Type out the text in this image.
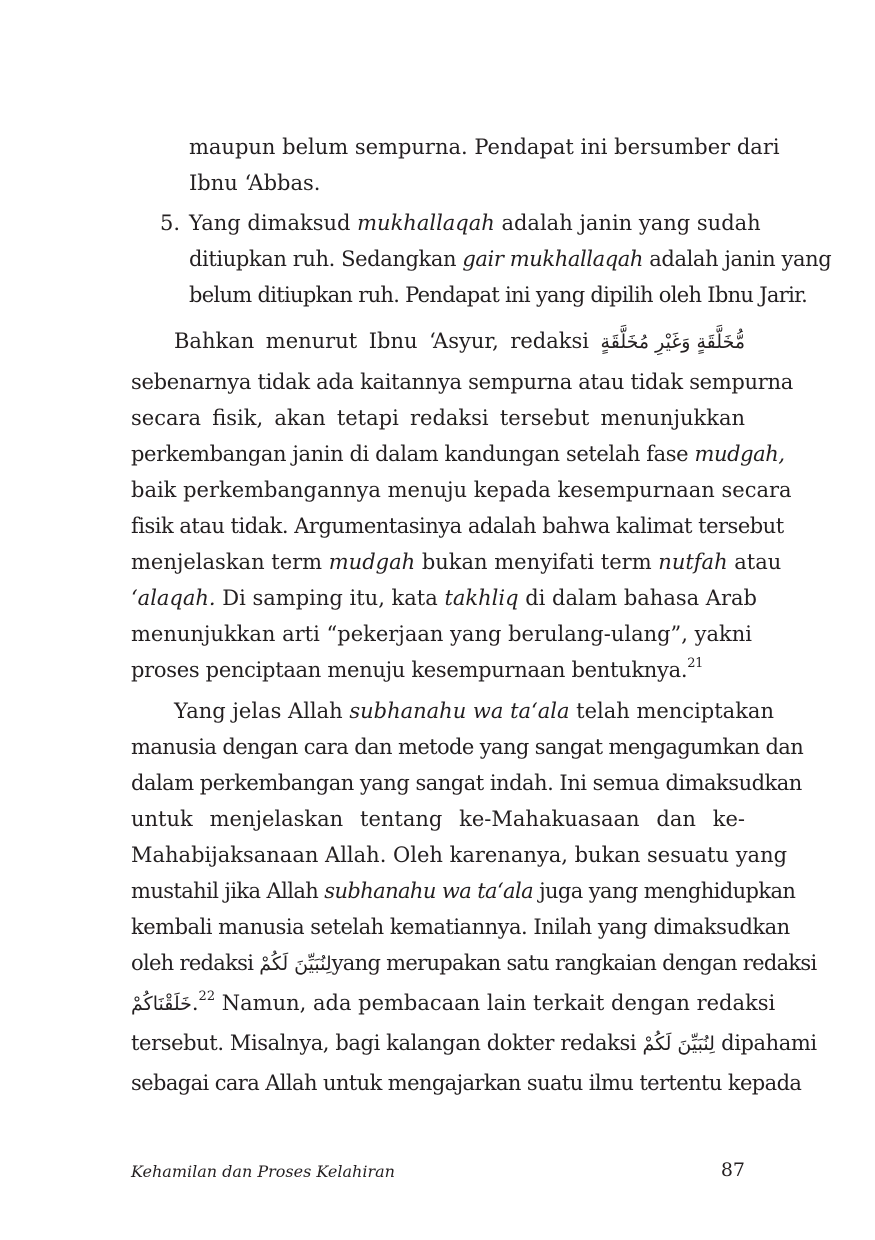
maupun belum sempurna. Pendapat ini bersumber dari
Ibnu ‘Abbas.
5. Yang dimaksud mukhallaqah adalah janin yang sudah
ditiupkan ruh. Sedangkan gair mukhallaqah adalah janin yang
belum ditiupkan ruh. Pendapat ini yang dipilih oleh Ibnu Jarir.
Bahkan menurut Ibnu ‘Asyur, redaksi مُّخَلَّقَةٍ وَغَيْرِ مُخَلَّقَةٍ
sebenarnya tidak ada kaitannya sempurna atau tidak sempurna
secara fisik, akan tetapi redaksi tersebut menunjukkan
perkembangan janin di dalam kandungan setelah fase mudgah,
baik perkembangannya menuju kepada kesempurnaan secara
fisik atau tidak. Argumentasinya adalah bahwa kalimat tersebut
menjelaskan term mudgah bukan menyifati term nutfah atau
‘alaqah. Di samping itu, kata takhliq di dalam bahasa Arab
menunjukkan arti “pekerjaan yang berulang-ulang”, yakni
proses penciptaan menuju kesempurnaan bentuknya.$^{21}$
Yang jelas Allah subhanahu wa ta‘ala telah menciptakan
manusia dengan cara dan metode yang sangat mengagumkan dan
dalam perkembangan yang sangat indah. Ini semua dimaksudkan
untuk menjelaskan tentang ke-Mahakuasaan dan ke-
Mahabijaksanaan Allah. Oleh karenanya, bukan sesuatu yang
mustahil jika Allah subhanahu wa ta‘ala juga yang menghidupkan
kembali manusia setelah kematiannya. Inilah yang dimaksudkan
oleh redaksi لِنُبَيِّنَ لَكُمْyang merupakan satu rangkaian dengan redaksi
خَلَقْنَاكُمْ.$^{22}$ Namun, ada pembacaan lain terkait dengan redaksi
tersebut. Misalnya, bagi kalangan dokter redaksi لِنُبَيِّنَ لَكُمْ dipahami
sebagai cara Allah untuk mengajarkan suatu ilmu tertentu kepada
Kehamilan dan Proses Kelahiran	87
